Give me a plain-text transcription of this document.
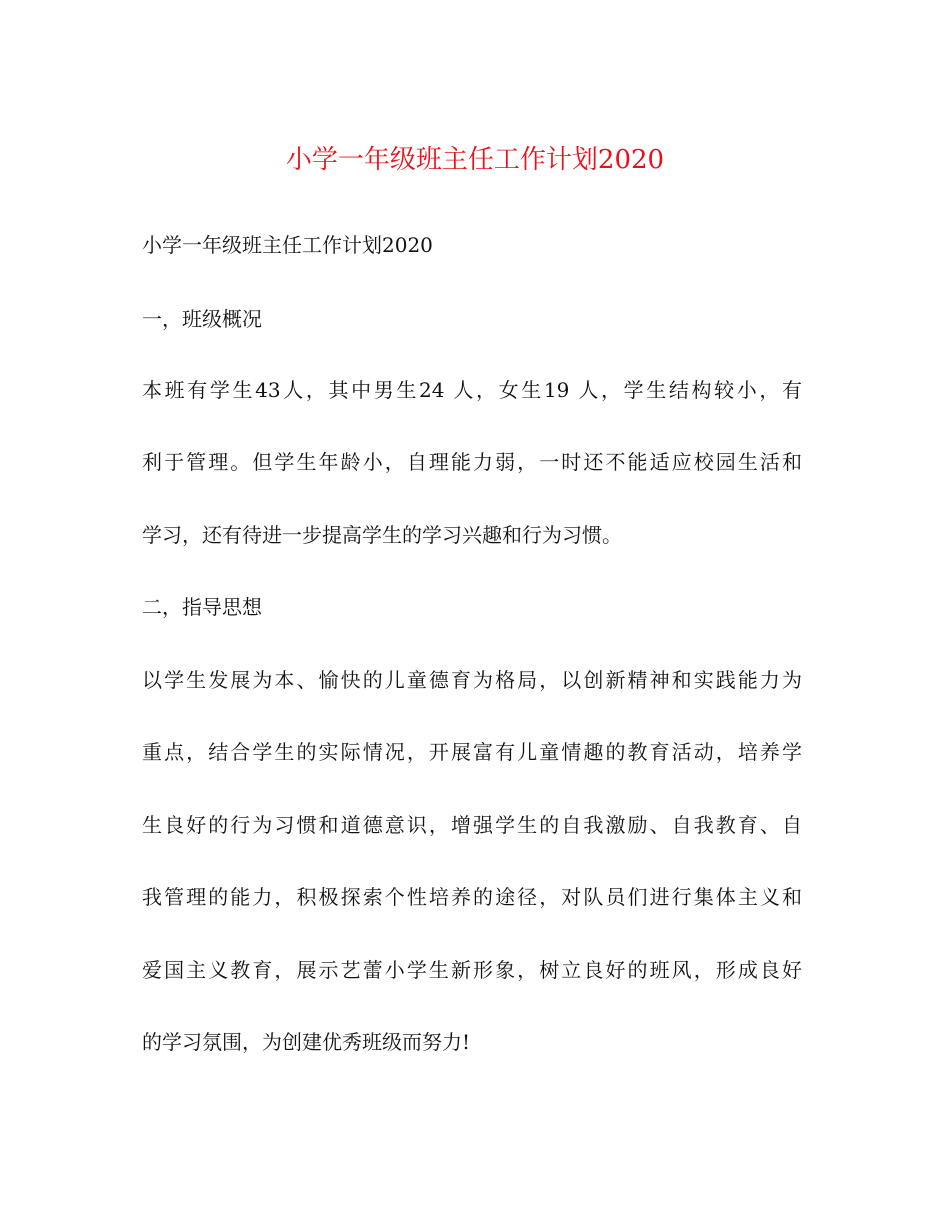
小学一年级班主任工作计划2020

小学一年级班主任工作计划2020

一，班级概况

本班有学生43人，其中男生24 人，女生19 人，学生结构较小，有

利于管理。但学生年龄小，自理能力弱，一时还不能适应校园生活和

学习，还有待进一步提高学生的学习兴趣和行为习惯。

二，指导思想

以学生发展为本、愉快的儿童德育为格局，以创新精神和实践能力为

重点，结合学生的实际情况，开展富有儿童情趣的教育活动，培养学

生良好的行为习惯和道德意识，增强学生的自我激励、自我教育、自

我管理的能力，积极探索个性培养的途径，对队员们进行集体主义和

爱国主义教育，展示艺蕾小学生新形象，树立良好的班风，形成良好

的学习氛围，为创建优秀班级而努力!
